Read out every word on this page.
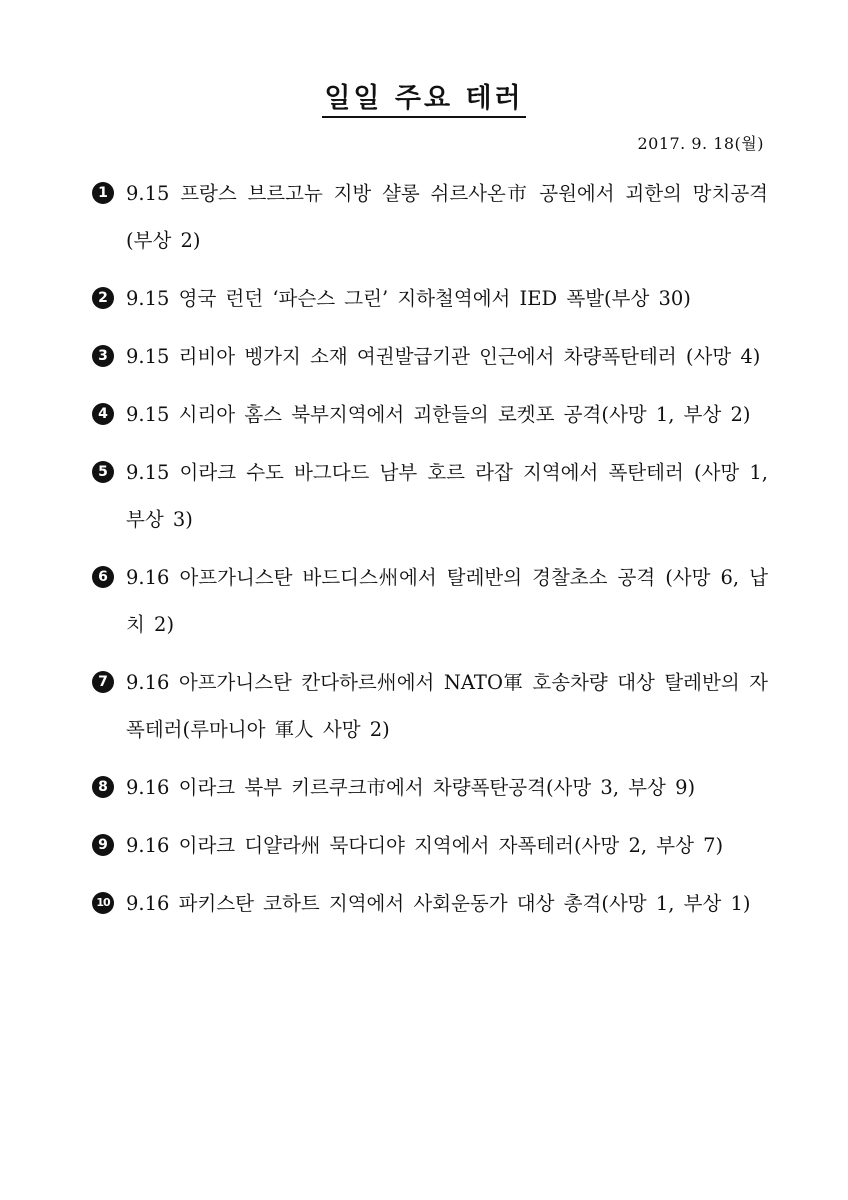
일일 주요 테러
2017. 9. 18(월)
1 9.15 프랑스 브르고뉴 지방 샬롱 쉬르사온市 공원에서 괴한의 망치공격(부상 2)
2 9.15 영국 런던 ‘파슨스 그린’ 지하철역에서 IED 폭발(부상 30)
3 9.15 리비아 벵가지 소재 여권발급기관 인근에서 차량폭탄테러 (사망 4)
4 9.15 시리아 홈스 북부지역에서 괴한들의 로켓포 공격(사망 1, 부상 2)
5 9.15 이라크 수도 바그다드 남부 호르 라잡 지역에서 폭탄테러 (사망 1, 부상 3)
6 9.16 아프가니스탄 바드디스州에서 탈레반의 경찰초소 공격 (사망 6, 납치 2)
7 9.16 아프가니스탄 칸다하르州에서 NATO軍 호송차량 대상 탈레반의 자폭테러(루마니아 軍人 사망 2)
8 9.16 이라크 북부 키르쿠크市에서 차량폭탄공격(사망 3, 부상 9)
9 9.16 이라크 디얄라州 묵다디야 지역에서 자폭테러(사망 2, 부상 7)
10 9.16 파키스탄 코하트 지역에서 사회운동가 대상 총격(사망 1, 부상 1)
